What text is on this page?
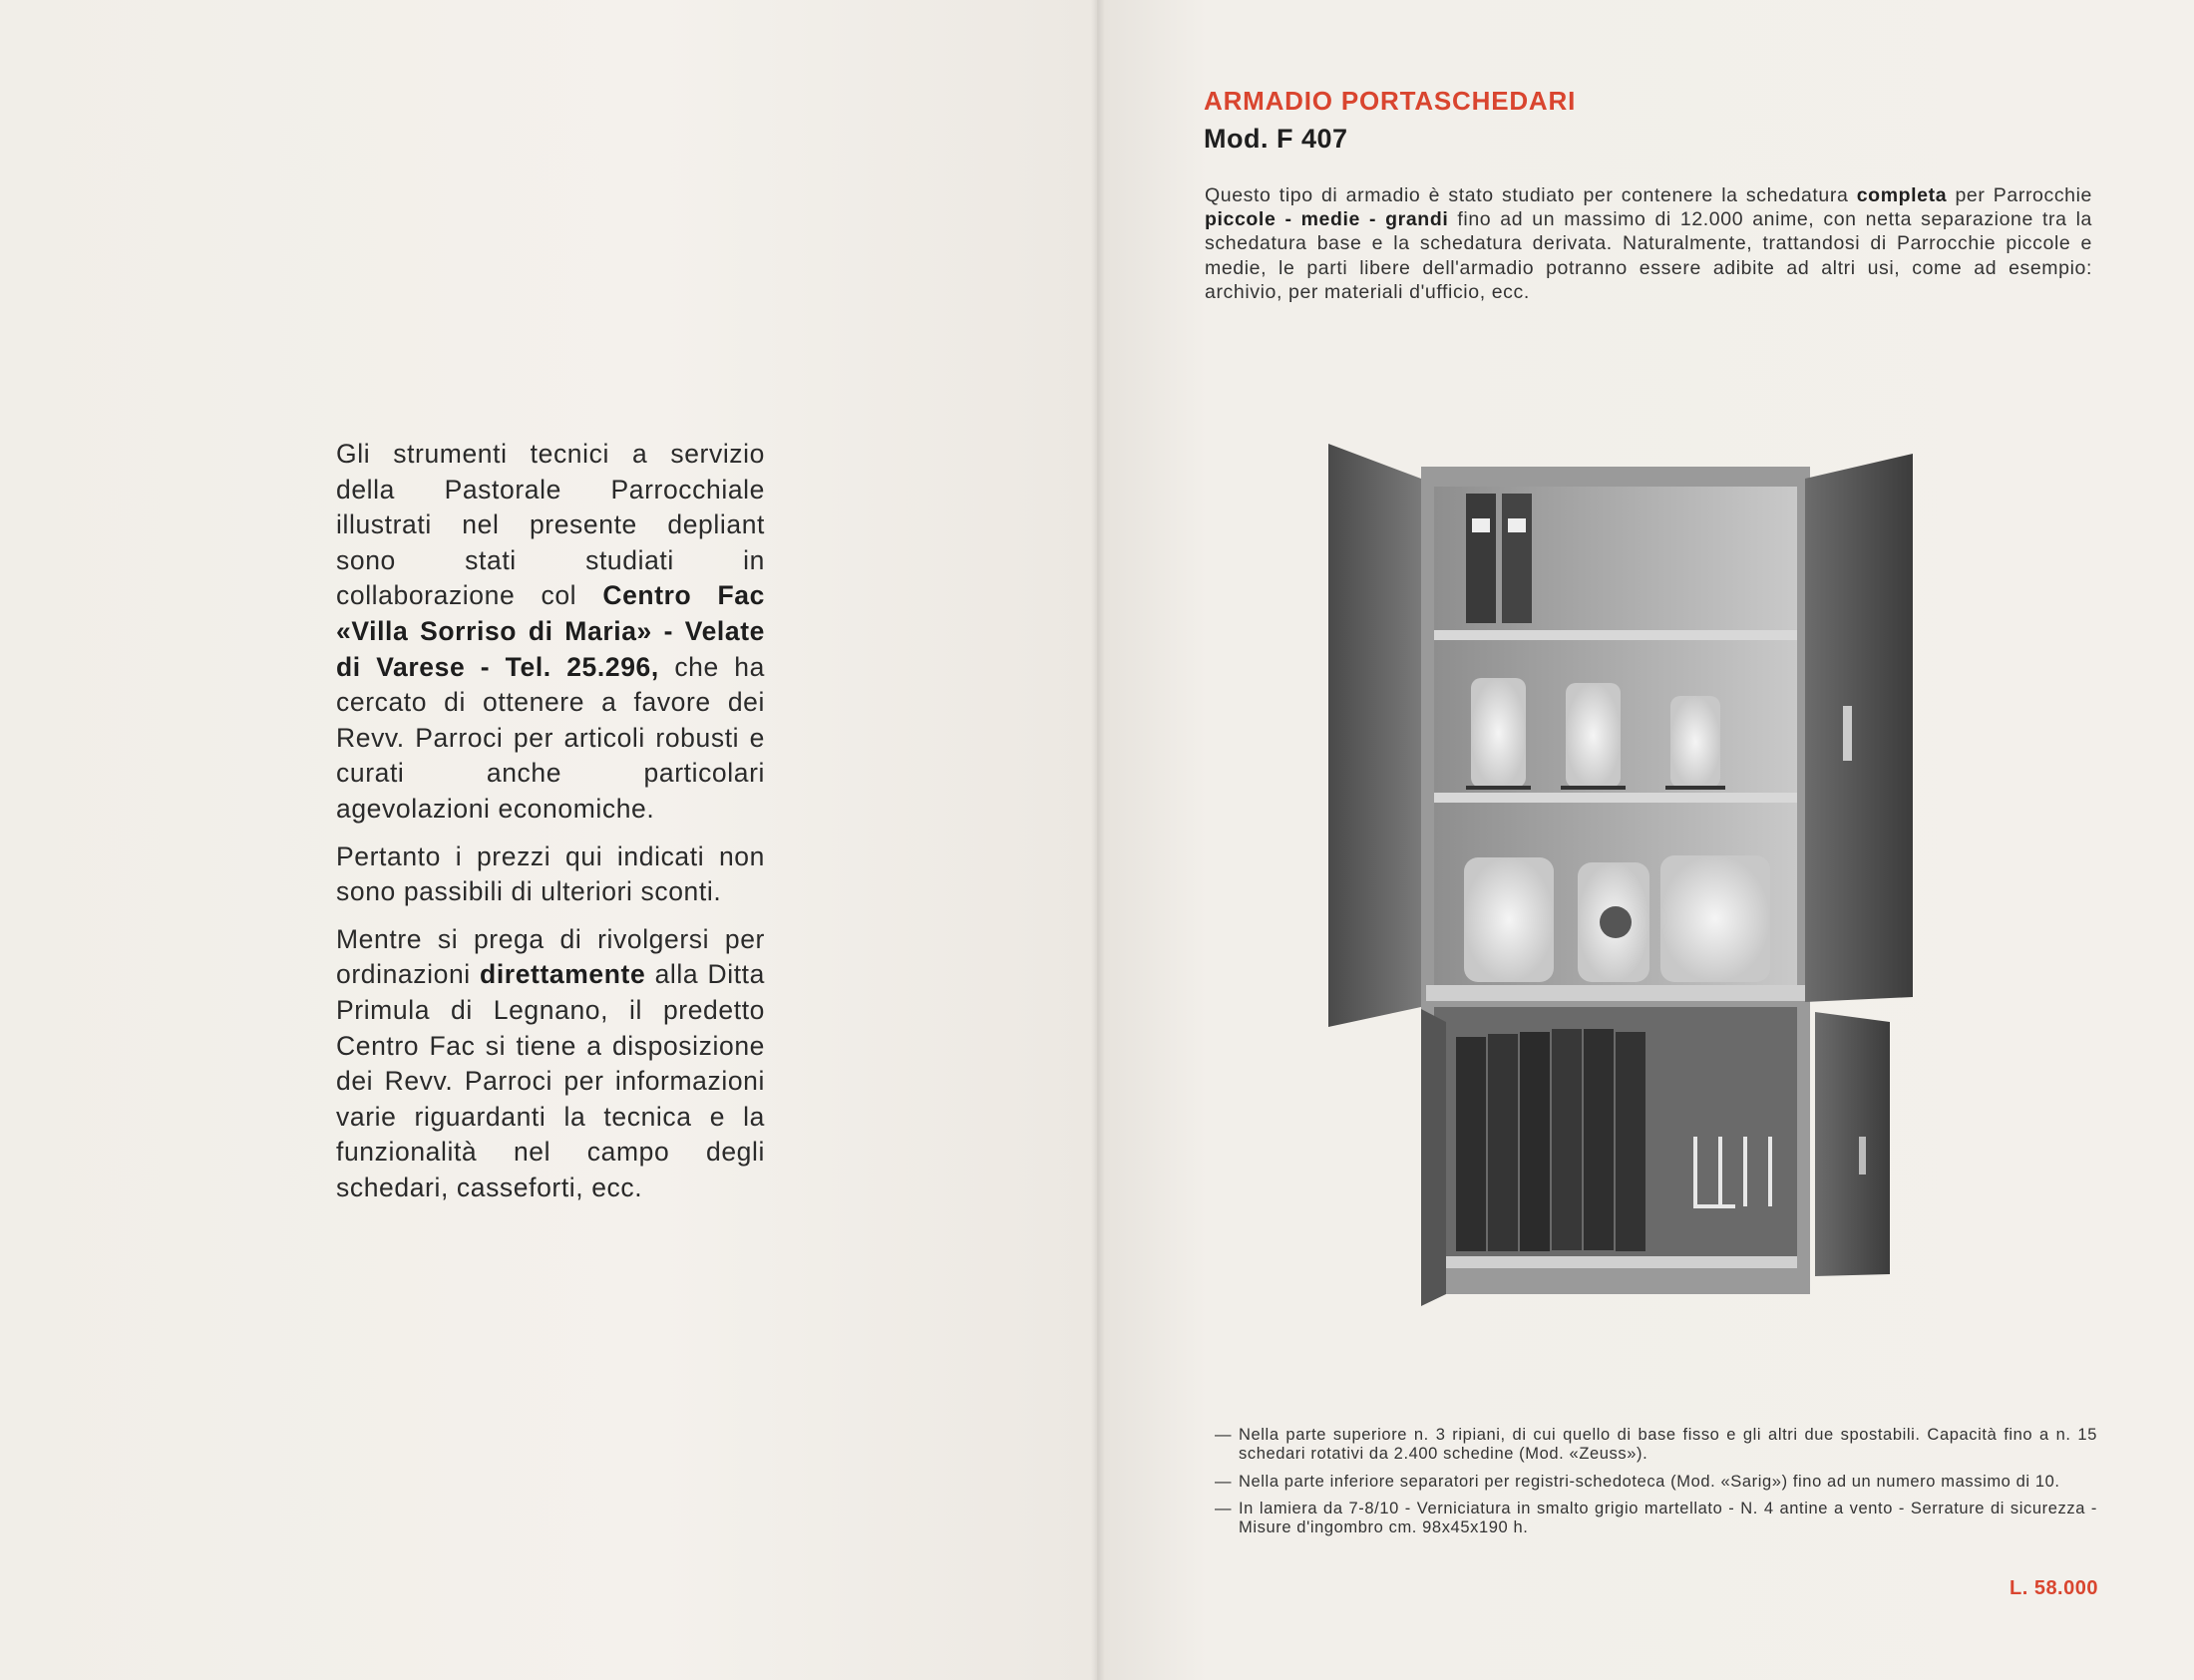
Gli strumenti tecnici a servizio della Pastorale Parrocchiale illustrati nel presente depliant sono stati studiati in collaborazione col Centro Fac «Villa Sorriso di Maria» - Velate di Varese - Tel. 25.296, che ha cercato di ottenere a favore dei Revv. Parroci per articoli robusti e curati anche particolari agevolazioni economiche.

Pertanto i prezzi qui indicati non sono passibili di ulteriori sconti.

Mentre si prega di rivolgersi per ordinazioni direttamente alla Ditta Primula di Legnano, il predetto Centro Fac si tiene a disposizione dei Revv. Parroci per informazioni varie riguardanti la tecnica e la funzionalità nel campo degli schedari, casseforti, ecc.

ARMADIO PORTASCHEDARI
Mod. F 407
Questo tipo di armadio è stato studiato per contenere la schedatura completa per Parrocchie piccole - medie - grandi fino ad un massimo di 12.000 anime, con netta separazione tra la schedatura base e la schedatura derivata. Naturalmente, trattandosi di Parrocchie piccole e medie, le parti libere dell'armadio potranno essere adibite ad altri usi, come ad esempio: archivio, per materiali d'ufficio, ecc.
— Nella parte superiore n. 3 ripiani, di cui quello di base fisso e gli altri due spostabili. Capacità fino a n. 15 schedari rotativi da 2.400 schedine (Mod. «Zeuss»).
— Nella parte inferiore separatori per registri-schedoteca (Mod. «Sarig») fino ad un numero massimo di 10.
— In lamiera da 7-8/10 - Verniciatura in smalto grigio martellato - N. 4 antine a vento - Serrature di sicurezza - Misure d'ingombro cm. 98x45x190 h.
L. 58.000
